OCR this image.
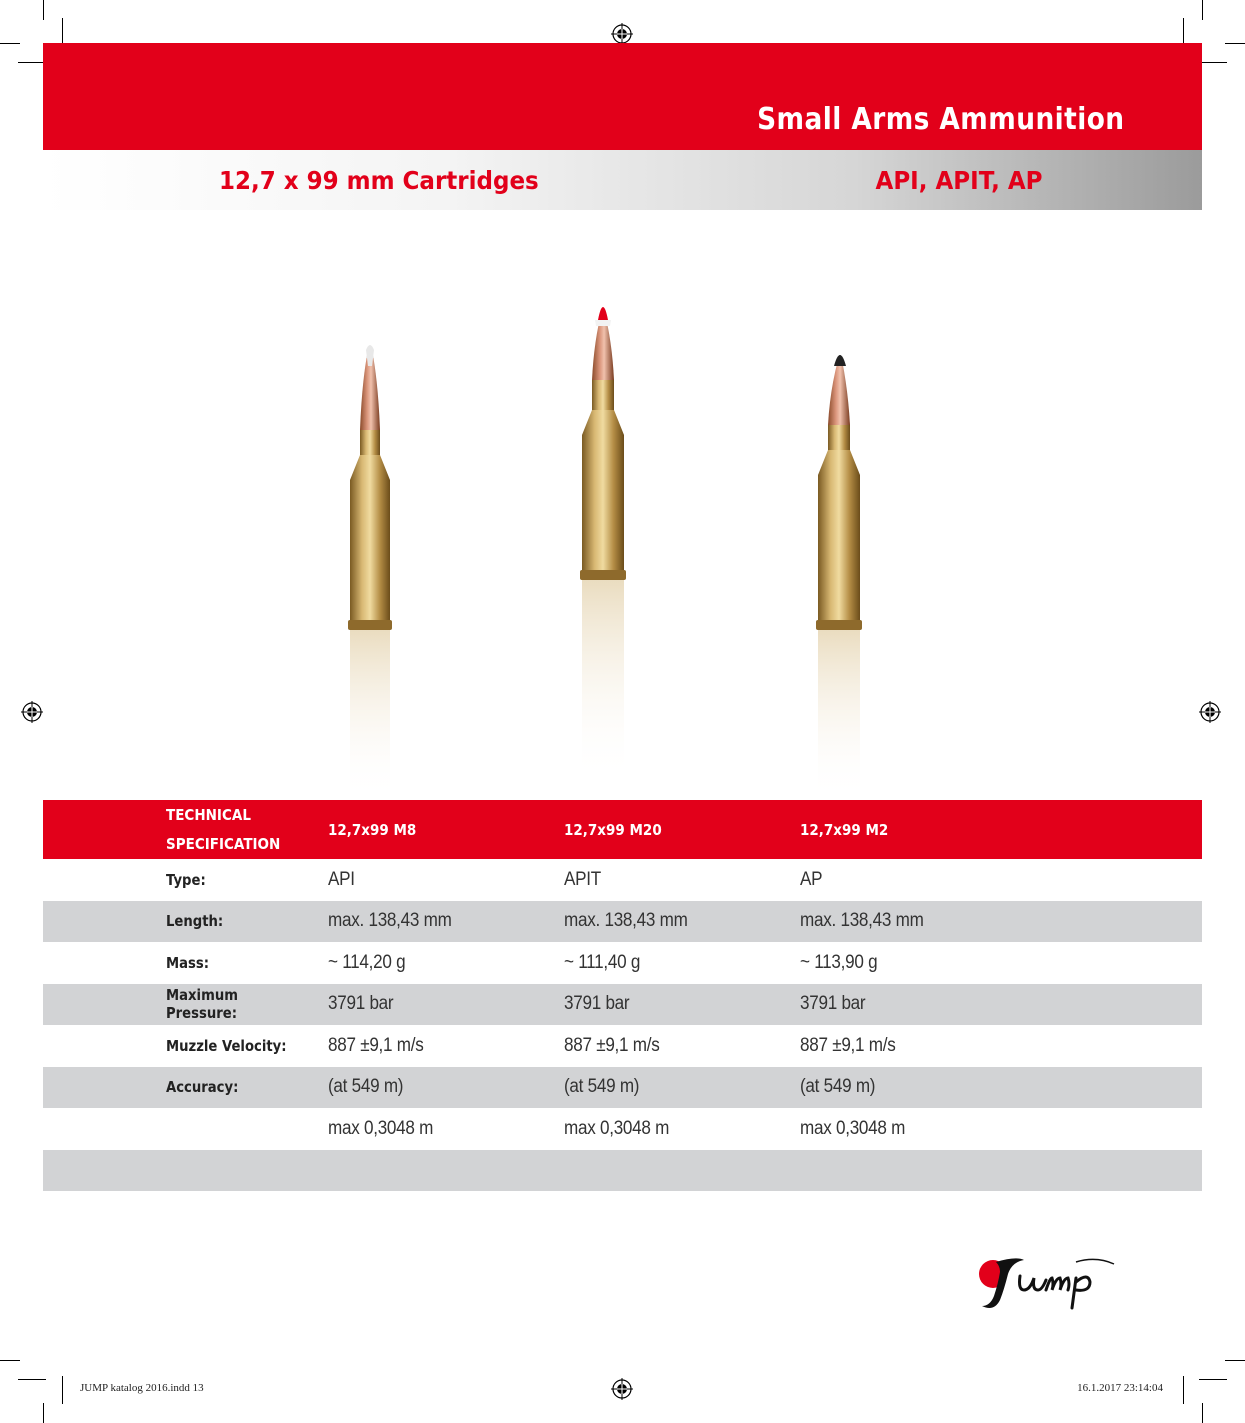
Small Arms Ammunition
12,7 x 99 mm Cartridges	API, APIT, AP
TECHNICAL
SPECIFICATION
12,7x99 M8	12,7x99 M20	12,7x99 M2
Type:	API	APIT	AP
Length:	max. 138,43 mm	max. 138,43 mm	max. 138,43 mm
Mass:	~ 114,20 g	~ 111,40 g	~ 113,90 g
Maximum Pressure:	3791 bar	3791 bar	3791 bar
Muzzle Velocity:	887 ±9,1 m/s	887 ±9,1 m/s	887 ±9,1 m/s
Accuracy:	(at 549 m)	(at 549 m)	(at 549 m)
max 0,3048 m	max 0,3048 m	max 0,3048 m
JUMP katalog 2016.indd 13	16.1.2017 23:14:04
